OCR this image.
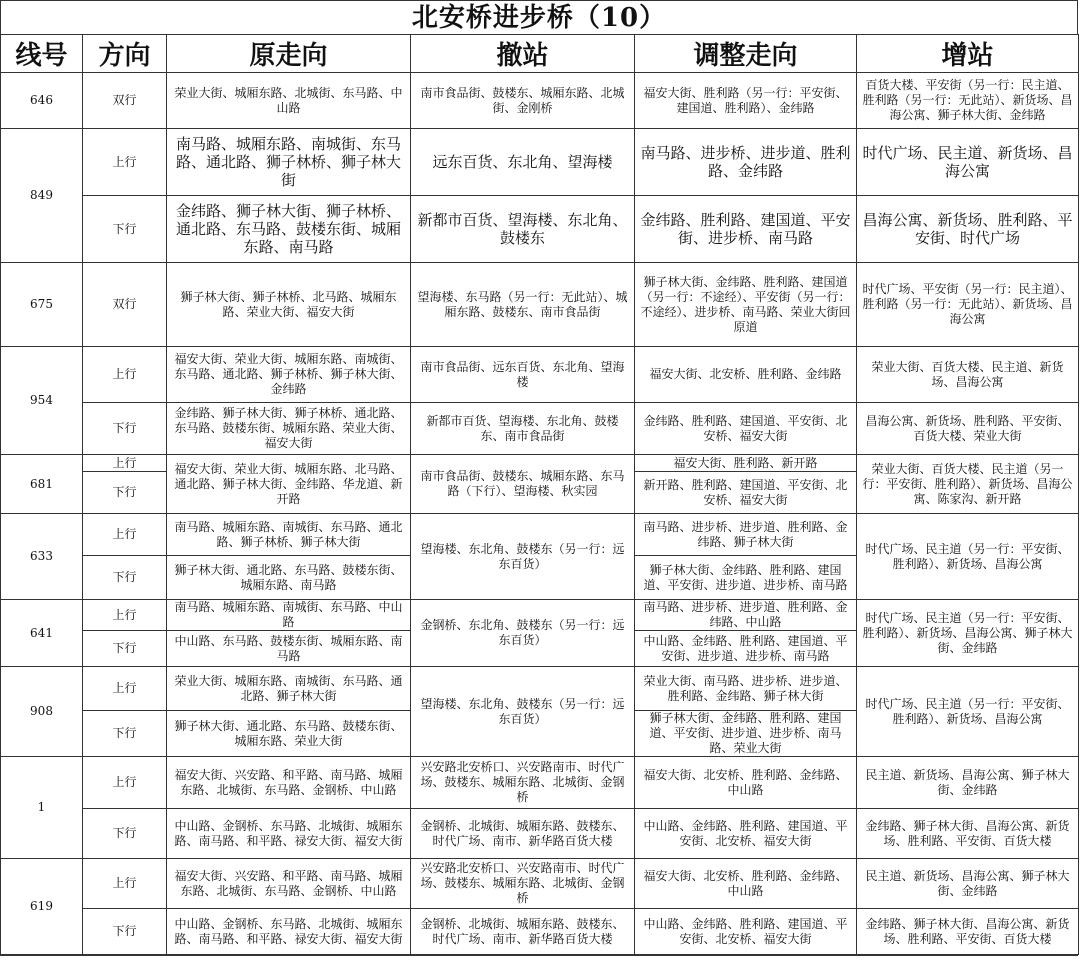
北安桥进步桥（10）
线号	方向	原走向	撤站	调整走向	增站
646	双行	荣业大街、城厢东路、北城街、东马路、中山路	南市食品街、鼓楼东、城厢东路、北城街、金刚桥	福安大街、胜利路（另一行：平安街、建国道、胜利路）、金纬路	百货大楼、平安街（另一行：民主道、胜利路（另一行：无此站）、新货场、昌海公寓、狮子林大街、金纬路
849	上行	南马路、城厢东路、南城街、东马路、通北路、狮子林桥、狮子林大街	远东百货、东北角、望海楼	南马路、进步桥、进步道、胜利路、金纬路	时代广场、民主道、新货场、昌海公寓
	下行	金纬路、狮子林大街、狮子林桥、通北路、东马路、鼓楼东街、城厢东路、南马路	新都市百货、望海楼、东北角、鼓楼东	金纬路、胜利路、建国道、平安街、进步桥、南马路	昌海公寓、新货场、胜利路、平安街、时代广场
675	双行	狮子林大街、狮子林桥、北马路、城厢东路、荣业大街、福安大街	望海楼、东马路（另一行：无此站）、城厢东路、鼓楼东、南市食品街	狮子林大街、金纬路、胜利路、建国道（另一行：不途经）、平安街（另一行：不途经）、进步桥、南马路、荣业大街回原道	时代广场、平安街（另一行：民主道）、胜利路（另一行：无此站）、新货场、昌海公寓
954	上行	福安大街、荣业大街、城厢东路、南城街、东马路、通北路、狮子林桥、狮子林大街、金纬路	南市食品街、远东百货、东北角、望海楼	福安大街、北安桥、胜利路、金纬路	荣业大街、百货大楼、民主道、新货场、昌海公寓
	下行	金纬路、狮子林大街、狮子林桥、通北路、东马路、鼓楼东街、城厢东路、荣业大街、福安大街	新都市百货、望海楼、东北角、鼓楼东、南市食品街	金纬路、胜利路、建国道、平安街、北安桥、福安大街	昌海公寓、新货场、胜利路、平安街、百货大楼、荣业大街
681	上行	福安大街、荣业大街、城厢东路、北马路、通北路、狮子林大街、金纬路、华龙道、新开路	南市食品街、鼓楼东、城厢东路、东马路（下行）、望海楼、秋实园	福安大街、胜利路、新开路	荣业大街、百货大楼、民主道（另一行：平安街、胜利路）、新货场、昌海公寓、陈家沟、新开路
	下行			新开路、胜利路、建国道、平安街、北安桥、福安大街	
633	上行	南马路、城厢东路、南城街、东马路、通北路、狮子林桥、狮子林大街	望海楼、东北角、鼓楼东（另一行：远东百货）	南马路、进步桥、进步道、胜利路、金纬路、狮子林大街	时代广场、民主道（另一行：平安街、胜利路）、新货场、昌海公寓
	下行	狮子林大街、通北路、东马路、鼓楼东街、城厢东路、南马路		狮子林大街、金纬路、胜利路、建国道、平安街、进步道、进步桥、南马路	
641	上行	南马路、城厢东路、南城街、东马路、中山路	金钢桥、东北角、鼓楼东（另一行：远东百货）	南马路、进步桥、进步道、胜利路、金纬路、中山路	时代广场、民主道（另一行：平安街、胜利路）、新货场、昌海公寓、狮子林大街、金纬路
	下行	中山路、东马路、鼓楼东街、城厢东路、南马路		中山路、金纬路、胜利路、建国道、平安街、进步道、进步桥、南马路	
908	上行	荣业大街、城厢东路、南城街、东马路、通北路、狮子林大街	望海楼、东北角、鼓楼东（另一行：远东百货）	荣业大街、南马路、进步桥、进步道、胜利路、金纬路、狮子林大街	时代广场、民主道（另一行：平安街、胜利路）、新货场、昌海公寓
	下行	狮子林大街、通北路、东马路、鼓楼东街、城厢东路、荣业大街		狮子林大街、金纬路、胜利路、建国道、平安街、进步道、进步桥、南马路、荣业大街	
1	上行	福安大街、兴安路、和平路、南马路、城厢东路、北城街、东马路、金钢桥、中山路	兴安路北安桥口、兴安路南市、时代广场、鼓楼东、城厢东路、北城街、金钢桥	福安大街、北安桥、胜利路、金纬路、中山路	民主道、新货场、昌海公寓、狮子林大街、金纬路
	下行	中山路、金钢桥、东马路、北城街、城厢东路、南马路、和平路、禄安大街、福安大街	金钢桥、北城街、城厢东路、鼓楼东、时代广场、南市、新华路百货大楼	中山路、金纬路、胜利路、建国道、平安街、北安桥、福安大街	金纬路、狮子林大街、昌海公寓、新货场、胜利路、平安街、百货大楼
619	上行	福安大街、兴安路、和平路、南马路、城厢东路、北城街、东马路、金钢桥、中山路	兴安路北安桥口、兴安路南市、时代广场、鼓楼东、城厢东路、北城街、金钢桥	福安大街、北安桥、胜利路、金纬路、中山路	民主道、新货场、昌海公寓、狮子林大街、金纬路
	下行	中山路、金钢桥、东马路、北城街、城厢东路、南马路、和平路、禄安大街、福安大街	金钢桥、北城街、城厢东路、鼓楼东、时代广场、南市、新华路百货大楼	中山路、金纬路、胜利路、建国道、平安街、北安桥、福安大街	金纬路、狮子林大街、昌海公寓、新货场、胜利路、平安街、百货大楼
